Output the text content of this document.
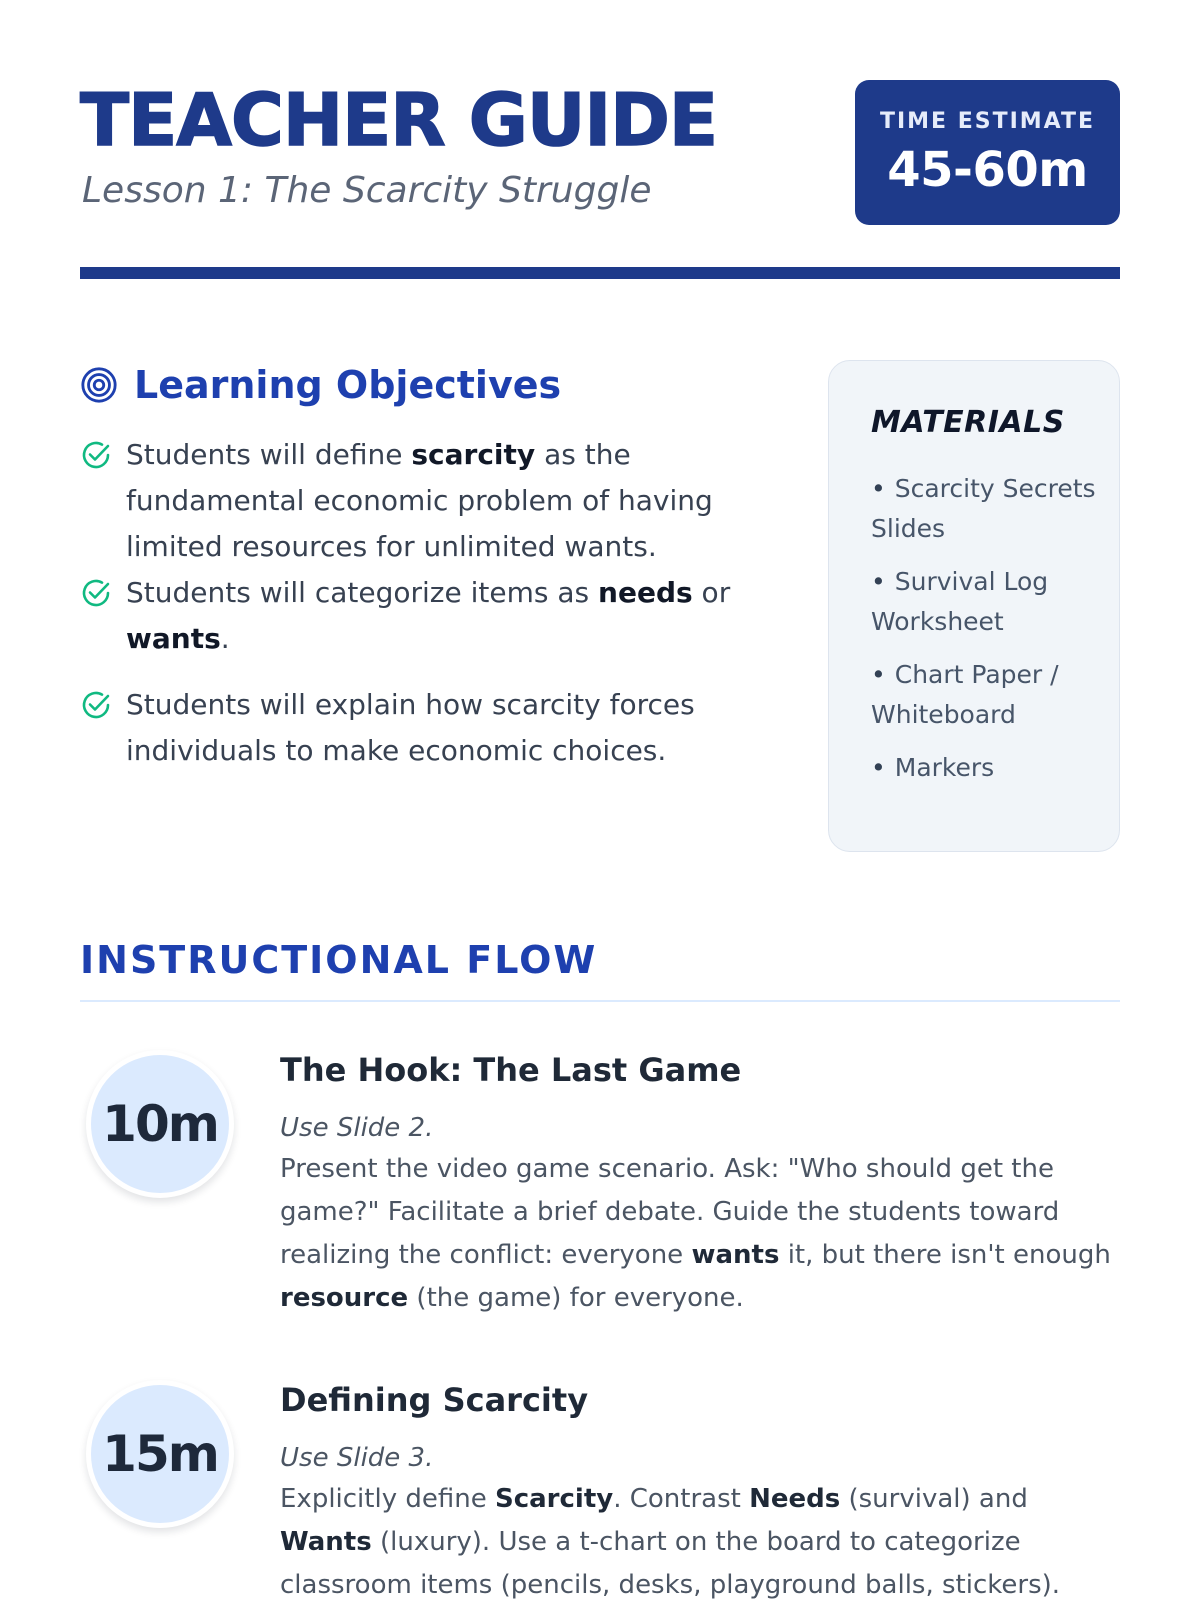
TEACHER GUIDE
Lesson 1: The Scarcity Struggle
TIME ESTIMATE
45-60m
Learning Objectives
Students will define scarcity as the fundamental economic problem of having limited resources for unlimited wants.
Students will categorize items as needs or wants.
Students will explain how scarcity forces individuals to make economic choices.
MATERIALS
• Scarcity Secrets Slides
• Survival Log Worksheet
• Chart Paper / Whiteboard
• Markers
INSTRUCTIONAL FLOW
10m
The Hook: The Last Game
Use Slide 2.

Present the video game scenario. Ask: "Who should get the game?" Facilitate a brief debate. Guide the students toward realizing the conflict: everyone wants it, but there isn't enough resource (the game) for everyone.

15m
Defining Scarcity
Use Slide 3.

Explicitly define Scarcity. Contrast Needs (survival) and Wants (luxury). Use a t-chart on the board to categorize classroom items (pencils, desks, playground balls, stickers).
